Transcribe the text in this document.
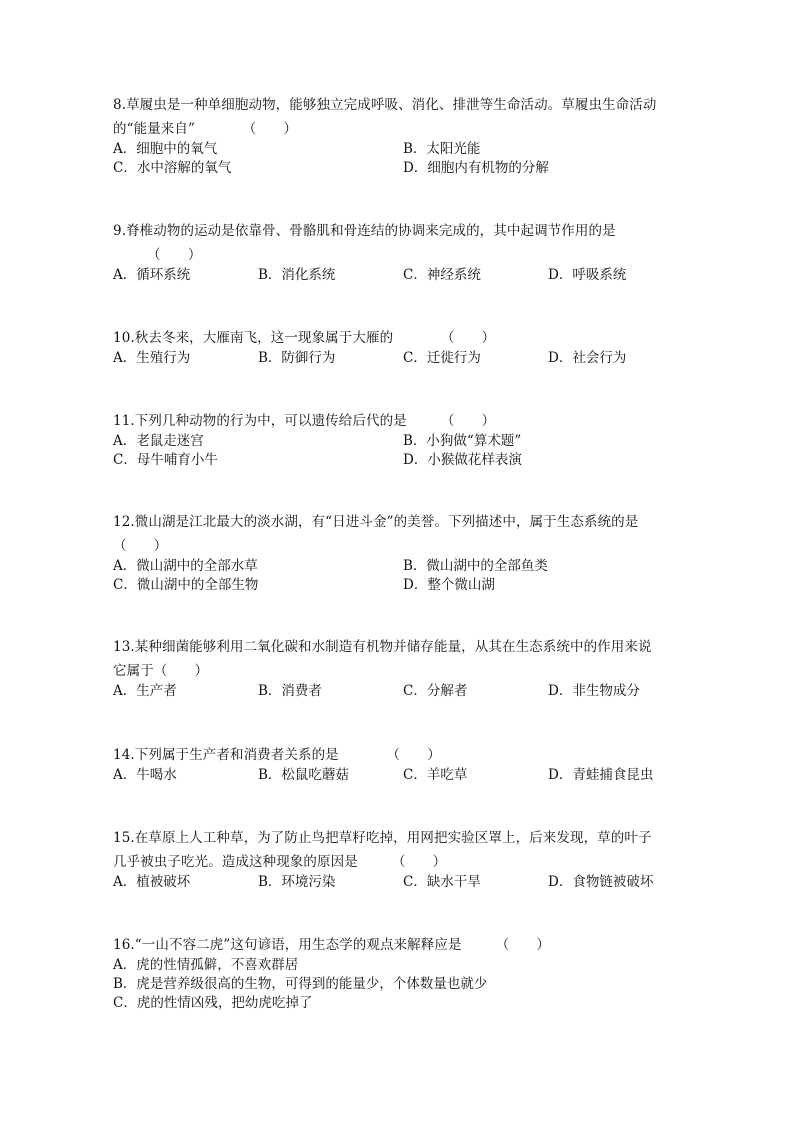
8.草履虫是一种单细胞动物，能够独立完成呼吸、消化、排泄等生命活动。草履虫生命活动
的“能量来自”　　　　（　　）
A．细胞中的氧气	B．太阳光能
C．水中溶解的氧气	D．细胞内有机物的分解
9.脊椎动物的运动是依靠骨、骨骼肌和骨连结的协调来完成的，其中起调节作用的是
　　　（　　）
A．循环系统	B．消化系统	C．神经系统	D．呼吸系统
10.秋去冬来，大雁南飞，这一现象属于大雁的　　　　（　　）
A．生殖行为	B．防御行为	C．迁徙行为	D．社会行为
11.下列几种动物的行为中，可以遗传给后代的是　　　（　　）
A．老鼠走迷宫	B．小狗做“算术题”
C．母牛哺育小牛	D．小猴做花样表演
12.微山湖是江北最大的淡水湖，有“日进斗金”的美誉。下列描述中，属于生态系统的是
（　　）
A．微山湖中的全部水草	B．微山湖中的全部鱼类
C．微山湖中的全部生物	D．整个微山湖
13.某种细菌能够利用二氧化碳和水制造有机物并储存能量，从其在生态系统中的作用来说
它属于（　　）
A．生产者	B．消费者	C．分解者	D．非生物成分
14.下列属于生产者和消费者关系的是　　　　（　　）
A．牛喝水	B．松鼠吃蘑菇	C．羊吃草	D．青蛙捕食昆虫
15.在草原上人工种草，为了防止鸟把草籽吃掉，用网把实验区罩上，后来发现，草的叶子
几乎被虫子吃光。造成这种现象的原因是　　　（　　）
A．植被破坏	B．环境污染	C．缺水干旱	D．食物链被破坏
16.“一山不容二虎”这句谚语，用生态学的观点来解释应是　　　（　　）
A．虎的性情孤僻，不喜欢群居
B．虎是营养级很高的生物，可得到的能量少，个体数量也就少
C．虎的性情凶残，把幼虎吃掉了
